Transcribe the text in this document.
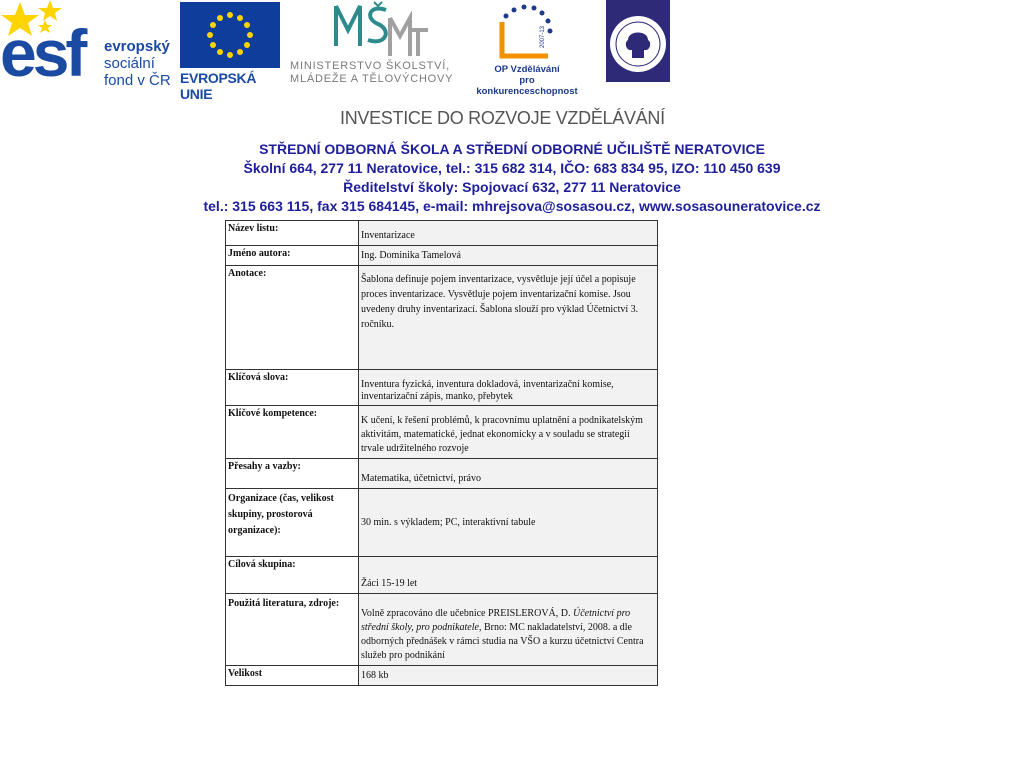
esf evropský
sociální
fond v ČR EVROPSKÁ UNIE
MINISTERSTVO ŠKOLSTVÍ,
MLÁDEŽE A TĚLOVÝCHOVY
2007-13
OP Vzdělávání
pro konkurenceschopnost
INVESTICE DO ROZVOJE VZDĚLÁVÁNÍ
STŘEDNÍ ODBORNÁ ŠKOLA A STŘEDNÍ ODBORNÉ UČILIŠTĚ NERATOVICE
Školní 664, 277 11 Neratovice, tel.: 315 682 314, IČO: 683 834 95, IZO: 110 450 639
Ředitelství školy: Spojovací 632, 277 11 Neratovice
tel.: 315 663 115, fax 315 684145, e-mail: mhrejsova@sosasou.cz, www.sosasouneratovice.cz
Název listu:	Inventarizace
Jméno autora:	Ing. Dominika Tamelová
Anotace:	Šablona definuje pojem inventarizace, vysvětluje její účel a popisuje proces inventarizace. Vysvětluje pojem inventarizační komise. Jsou uvedeny druhy inventarizací. Šablona slouží pro výklad Účetnictví 3. ročníku.
Klíčová slova:	Inventura fyzická, inventura dokladová, inventarizační komise, inventarizační zápis, manko, přebytek
Klíčové kompetence:	K učení, k řešení problémů, k pracovnímu uplatnění a podnikatelským aktivitám, matematické, jednat ekonomicky a v souladu se strategií trvale udržitelného rozvoje
Přesahy a vazby:	Matematika, účetnictví, právo
Organizace (čas, velikost skupiny, prostorová organizace):	30 min. s výkladem; PC, interaktivní tabule
Cílová skupina:	Žáci 15-19 let
Použitá literatura, zdroje:	Volně zpracováno dle učebnice PREISLEROVÁ, D. Účetnictví pro střední školy, pro podnikatele, Brno: MC nakladatelství, 2008. a dle odborných přednášek v rámci studia na VŠO a kurzu účetnictví Centra služeb pro podnikání
Velikost	168 kb
